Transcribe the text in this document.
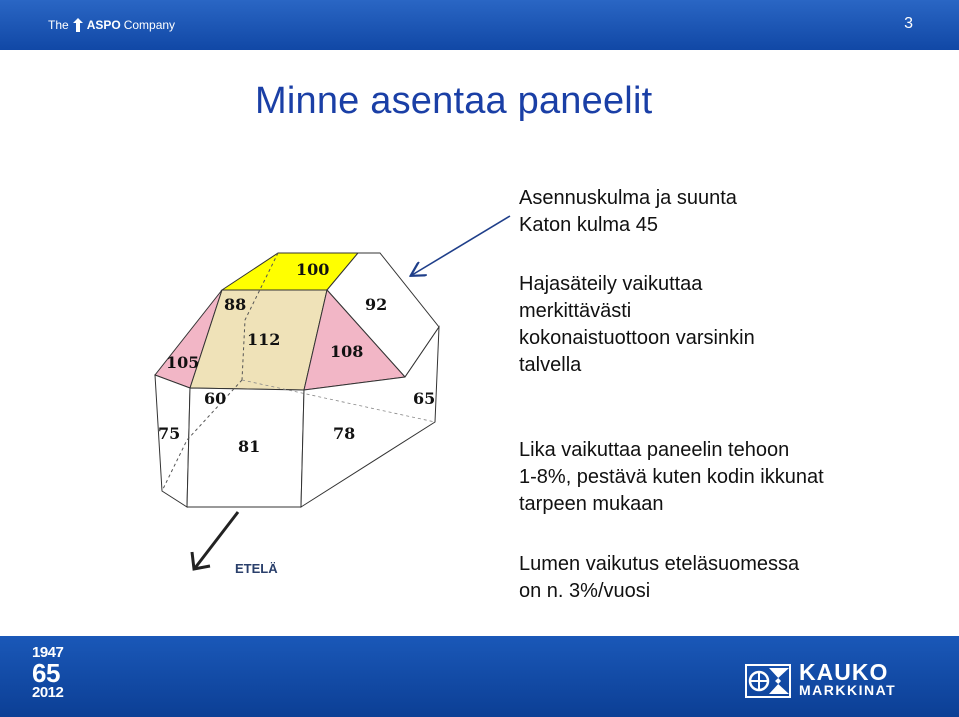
The ASPO Company	3
Minne asentaa paneelit
Asennuskulma ja suunta
Katon kulma 45
Hajasäteily vaikuttaa
merkittävästi
kokonaistuottoon varsinkin
talvella
Lika vaikuttaa paneelin tehoon
1-8%, pestävä kuten kodin ikkunat
tarpeen mukaan
Lumen vaikutus eteläsuomessa
on n. 3%/vuosi
100
88	92
105
112
108
60	65
75
81
78
ETELÄ
1947
65
2012
KAUKO
MARKKINAT
